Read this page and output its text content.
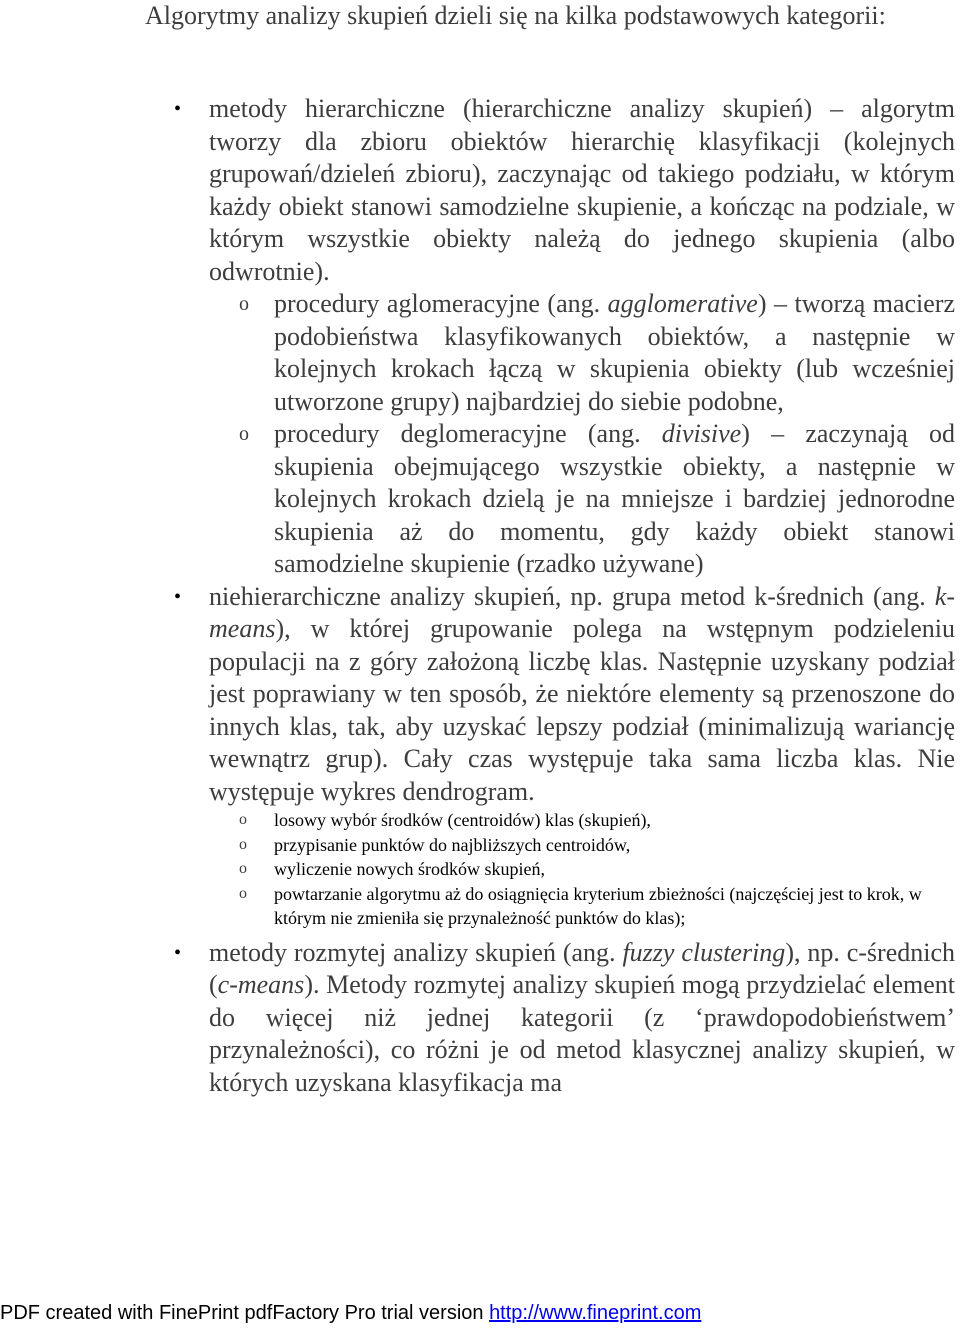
Algorytmy analizy skupień dzieli się na kilka podstawowych kategorii:

• metody hierarchiczne (hierarchiczne analizy skupień) – algorytm tworzy dla zbioru obiektów hierarchię klasyfikacji (kolejnych grupowań/dzieleń zbioru), zaczynając od takiego podziału, w którym każdy obiekt stanowi samodzielne skupienie, a kończąc na podziale, w którym wszystkie obiekty należą do jednego skupienia (albo odwrotnie).
o procedury aglomeracyjne (ang. agglomerative) – tworzą macierz podobieństwa klasyfikowanych obiektów, a następnie w kolejnych krokach łączą w skupienia obiekty (lub wcześniej utworzone grupy) najbardziej do siebie podobne,
o procedury deglomeracyjne (ang. divisive) – zaczynają od skupienia obejmującego wszystkie obiekty, a następnie w kolejnych krokach dzielą je na mniejsze i bardziej jednorodne skupienia aż do momentu, gdy każdy obiekt stanowi samodzielne skupienie (rzadko używane)
• niehierarchiczne analizy skupień, np. grupa metod k-średnich (ang. k-means), w której grupowanie polega na wstępnym podzieleniu populacji na z góry założoną liczbę klas. Następnie uzyskany podział jest poprawiany w ten sposób, że niektóre elementy są przenoszone do innych klas, tak, aby uzyskać lepszy podział (minimalizują wariancję wewnątrz grup). Cały czas występuje taka sama liczba klas. Nie występuje wykres dendrogram.
o losowy wybór środków (centroidów) klas (skupień),
o przypisanie punktów do najbliższych centroidów,
o wyliczenie nowych środków skupień,
o powtarzanie algorytmu aż do osiągnięcia kryterium zbieżności (najczęściej jest to krok, w którym nie zmieniła się przynależność punktów do klas);
• metody rozmytej analizy skupień (ang. fuzzy clustering), np. c-średnich (c-means). Metody rozmytej analizy skupień mogą przydzielać element do więcej niż jednej kategorii (z ‘prawdopodobieństwem’ przynależności), co różni je od metod klasycznej analizy skupień, w których uzyskana klasyfikacja ma
PDF created with FinePrint pdfFactory Pro trial version http://www.fineprint.com
